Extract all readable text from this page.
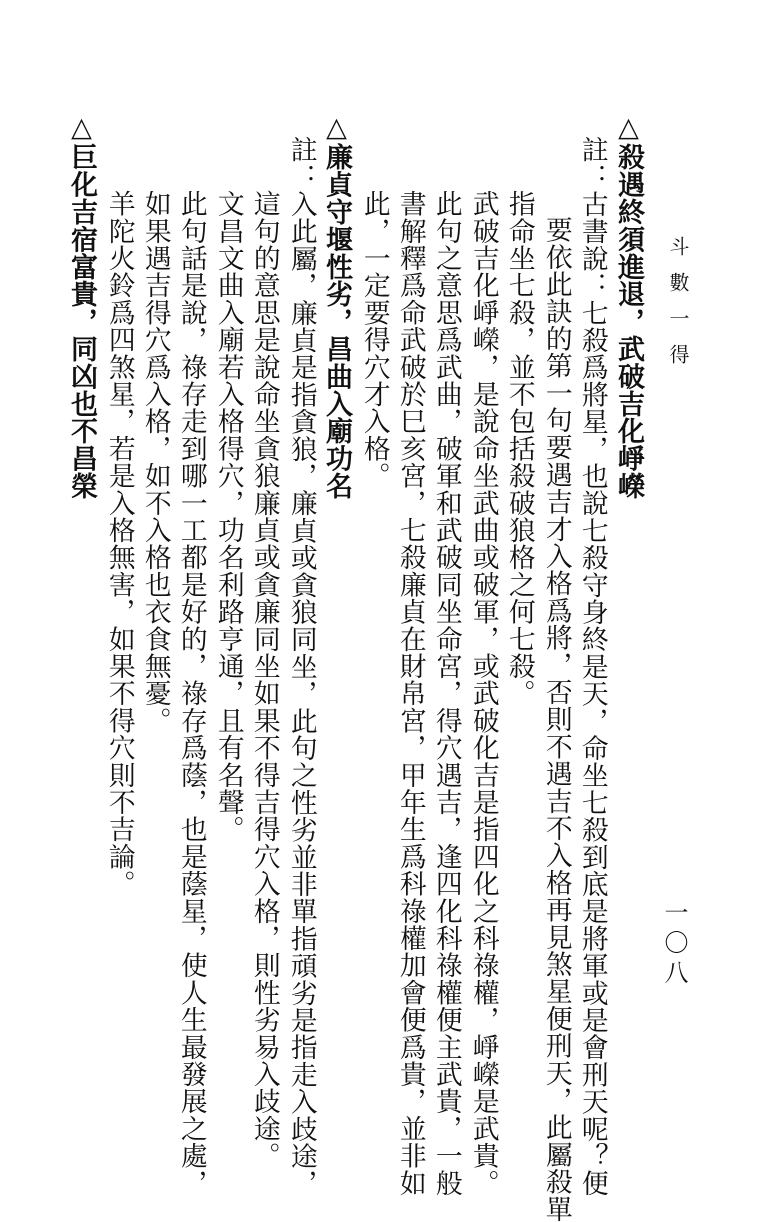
斗數一得
一〇八
△殺遇終須進退，武破吉化崢嶸
註：古書說：七殺爲將星，也說七殺守身終是天，命坐七殺到底是將軍或是會刑天呢？便
要依此訣的第一句要遇吉才入格爲將，否則不遇吉不入格再見煞星便刑天，此屬殺單
指命坐七殺，並不包括殺破狼格之何七殺。
武破吉化崢嶸，是說命坐武曲或破軍，或武破化吉是指四化之科祿權，崢嶸是武貴。
此句之意思爲武曲，破軍和武破同坐命宮，得穴遇吉，逢四化科祿權便主武貴，一般
書解釋爲命武破於巳亥宮，七殺廉貞在財帛宮，甲年生爲科祿權加會便爲貴，並非如
此，一定要得穴才入格。
△廉貞守堰性劣，昌曲入廟功名
註：入此屬，廉貞是指貪狼，廉貞或貪狼同坐，此句之性劣並非單指頑劣是指走入歧途，
這句的意思是說命坐貪狼廉貞或貪廉同坐如果不得吉得穴入格，則性劣易入歧途。
文昌文曲入廟若入格得穴，功名利路亨通，且有名聲。
此句話是說，祿存走到哪一工都是好的，祿存爲蔭，也是蔭星，使人生最發展之處，
如果遇吉得穴爲入格，如不入格也衣食無憂。
羊陀火鈴爲四煞星，若是入格無害，如果不得穴則不吉論。
△巨化吉宿富貴，同凶也不昌榮
